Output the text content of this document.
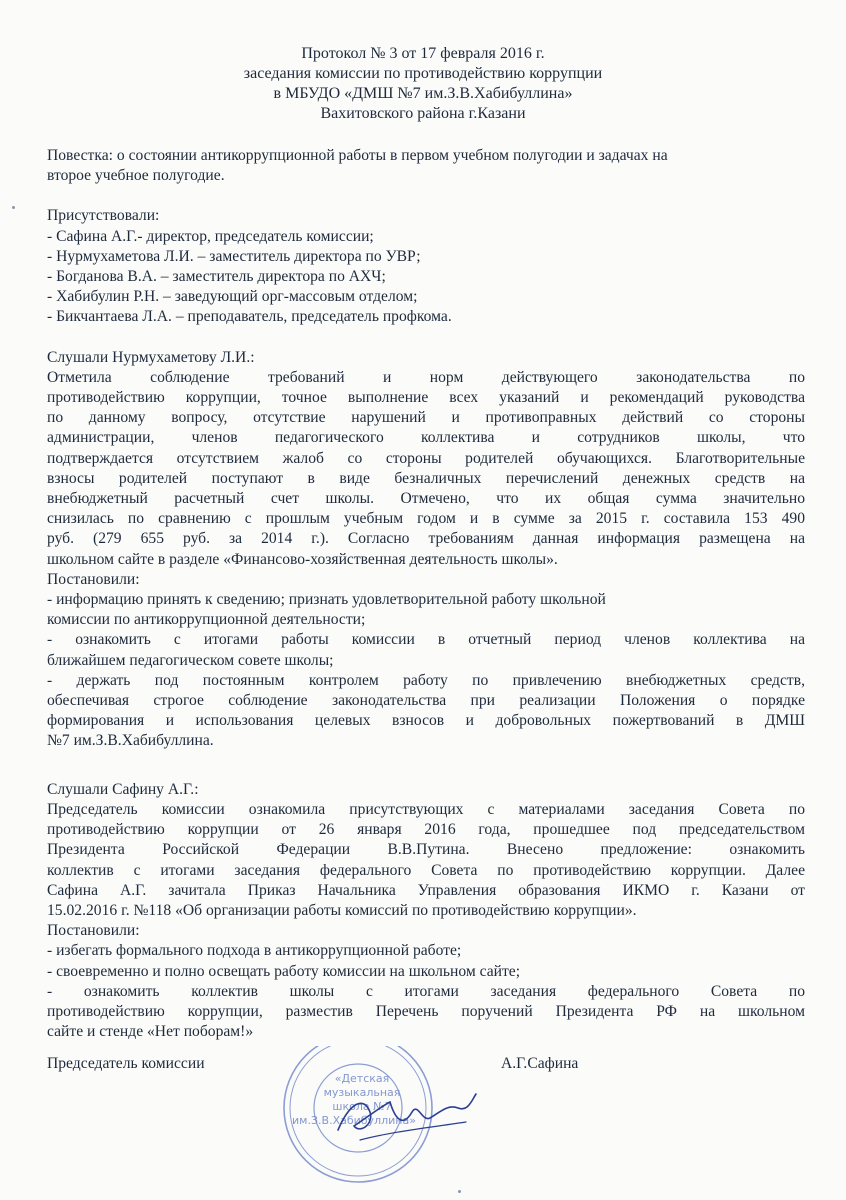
Протокол № 3 от 17 февраля 2016 г.
заседания комиссии по противодействию коррупции
в МБУДО «ДМШ №7 им.З.В.Хабибуллина»
Вахитовского района г.Казани
Повестка: о состоянии антикоррупционной работы в первом учебном полугодии и задачах на
второе учебное полугодие.
Присутствовали:
- Сафина А.Г.- директор, председатель комиссии;
- Нурмухаметова Л.И. – заместитель директора по УВР;
- Богданова В.А. – заместитель директора по АХЧ;
- Хабибулин Р.Н. – заведующий орг-массовым отделом;
- Бикчантаева Л.А. – преподаватель, председатель профкома.
Слушали Нурмухаметову Л.И.:
Отметила соблюдение требований и норм действующего законодательства по
противодействию коррупции, точное выполнение всех указаний и рекомендаций руководства
по данному вопросу, отсутствие нарушений и противоправных действий со стороны
администрации, членов педагогического коллектива и сотрудников школы, что
подтверждается отсутствием жалоб со стороны родителей обучающихся. Благотворительные
взносы родителей поступают в виде безналичных перечислений денежных средств на
внебюджетный расчетный счет школы. Отмечено, что их общая сумма значительно
снизилась по сравнению с прошлым учебным годом и в сумме за 2015 г. составила 153 490
руб. (279 655 руб. за 2014 г.). Согласно требованиям данная информация размещена на
школьном сайте в разделе «Финансово-хозяйственная деятельность школы».
Постановили:
- информацию принять к сведению; признать удовлетворительной работу школьной
комиссии по антикоррупционной деятельности;
- ознакомить с итогами работы комиссии в отчетный период членов коллектива на
ближайшем педагогическом совете школы;
- держать под постоянным контролем работу по привлечению внебюджетных средств,
обеспечивая строгое соблюдение законодательства при реализации Положения о порядке
формирования и использования целевых взносов и добровольных пожертвований в ДМШ
№7 им.З.В.Хабибуллина.
Слушали Сафину А.Г.:
Председатель комиссии ознакомила присутствующих с материалами заседания Совета по
противодействию коррупции от 26 января 2016 года, прошедшее под председательством
Президента Российской Федерации В.В.Путина. Внесено предложение: ознакомить
коллектив с итогами заседания федерального Совета по противодействию коррупции. Далее
Сафина А.Г. зачитала Приказ Начальника Управления образования ИКМО г. Казани от
15.02.2016 г. №118 «Об организации работы комиссий по противодействию коррупции».
Постановили:
- избегать формального подхода в антикоррупционной работе;
- своевременно и полно освещать работу комиссии на школьном сайте;
- ознакомить коллектив школы с итогами заседания федерального Совета по
противодействию коррупции, разместив Перечень поручений Президента РФ на школьном
сайте и стенде «Нет поборам!»
Председатель комиссии	А.Г.Сафина
«Детская
музыкальная
школа №7
им.З.В.Хабибуллина»
